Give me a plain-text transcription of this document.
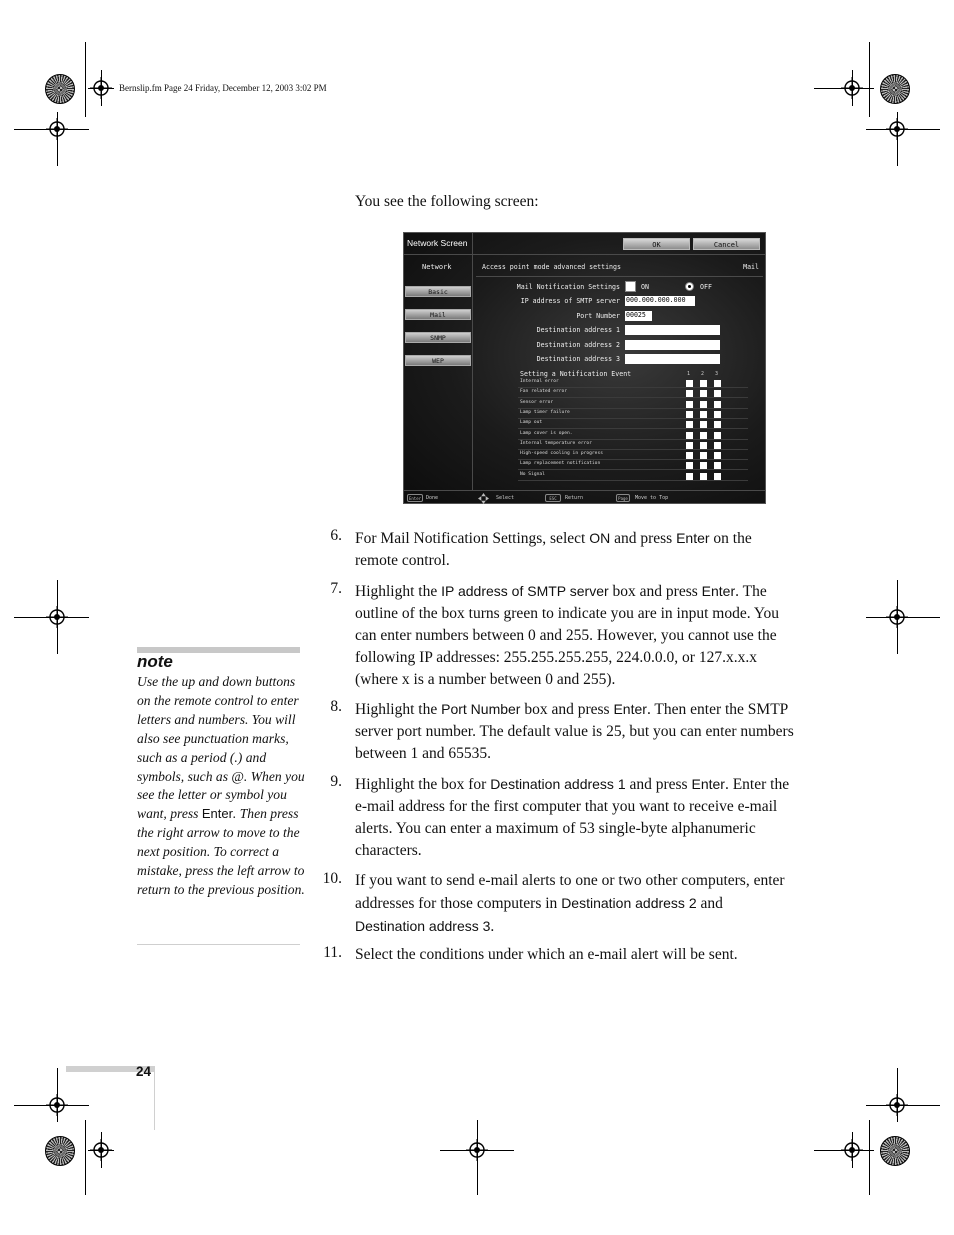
Bernslip.fm Page 24 Friday, December 12, 2003 3:02 PM
You see the following screen:
Network Screen	OK	Cancel
Network
Basic
Mail
SNMP
WEP
Access point mode advanced settings	Mail
Mail Notification Settings	ON	OFF
IP address of SMTP server 000.000.000.000
Port Number 00025
Destination address 1
Destination address 2
Destination address 3
Setting a Notification Event	1 2 3
Enter Done	Select	ESC	Return	Page	Move to Top
Internal error
Fan related error
Sensor error
Lamp timer failure
Lamp out
Lamp cover is open.
Internal temperature error
High-speed cooling in progress
Lamp replacement notification
No Signal
note
Use the up and down buttons on the remote control to enter letters and numbers. You will also see punctuation marks, such as a period (.) and symbols, such as @. When you see the letter or symbol you want, press Enter. Then press the right arrow to move to the next position. To correct a mistake, press the left arrow to return to the previous position.
6. For Mail Notification Settings, select ON and press Enter on the remote control.
7. Highlight the IP address of SMTP server box and press Enter. The outline of the box turns green to indicate you are in input mode. You can enter numbers between 0 and 255. However, you cannot use the following IP addresses: 255.255.255.255, 224.0.0.0, or 127.x.x.x (where x is a number between 0 and 255).
8. Highlight the Port Number box and press Enter. Then enter the SMTP server port number. The default value is 25, but you can enter numbers between 1 and 65535.
9. Highlight the box for Destination address 1 and press Enter. Enter the e-mail address for the first computer that you want to receive e-mail alerts. You can enter a maximum of 53 single-byte alphanumeric characters.
10. If you want to send e-mail alerts to one or two other computers, enter addresses for those computers in Destination address 2 and Destination address 3.
11. Select the conditions under which an e-mail alert will be sent.
24
